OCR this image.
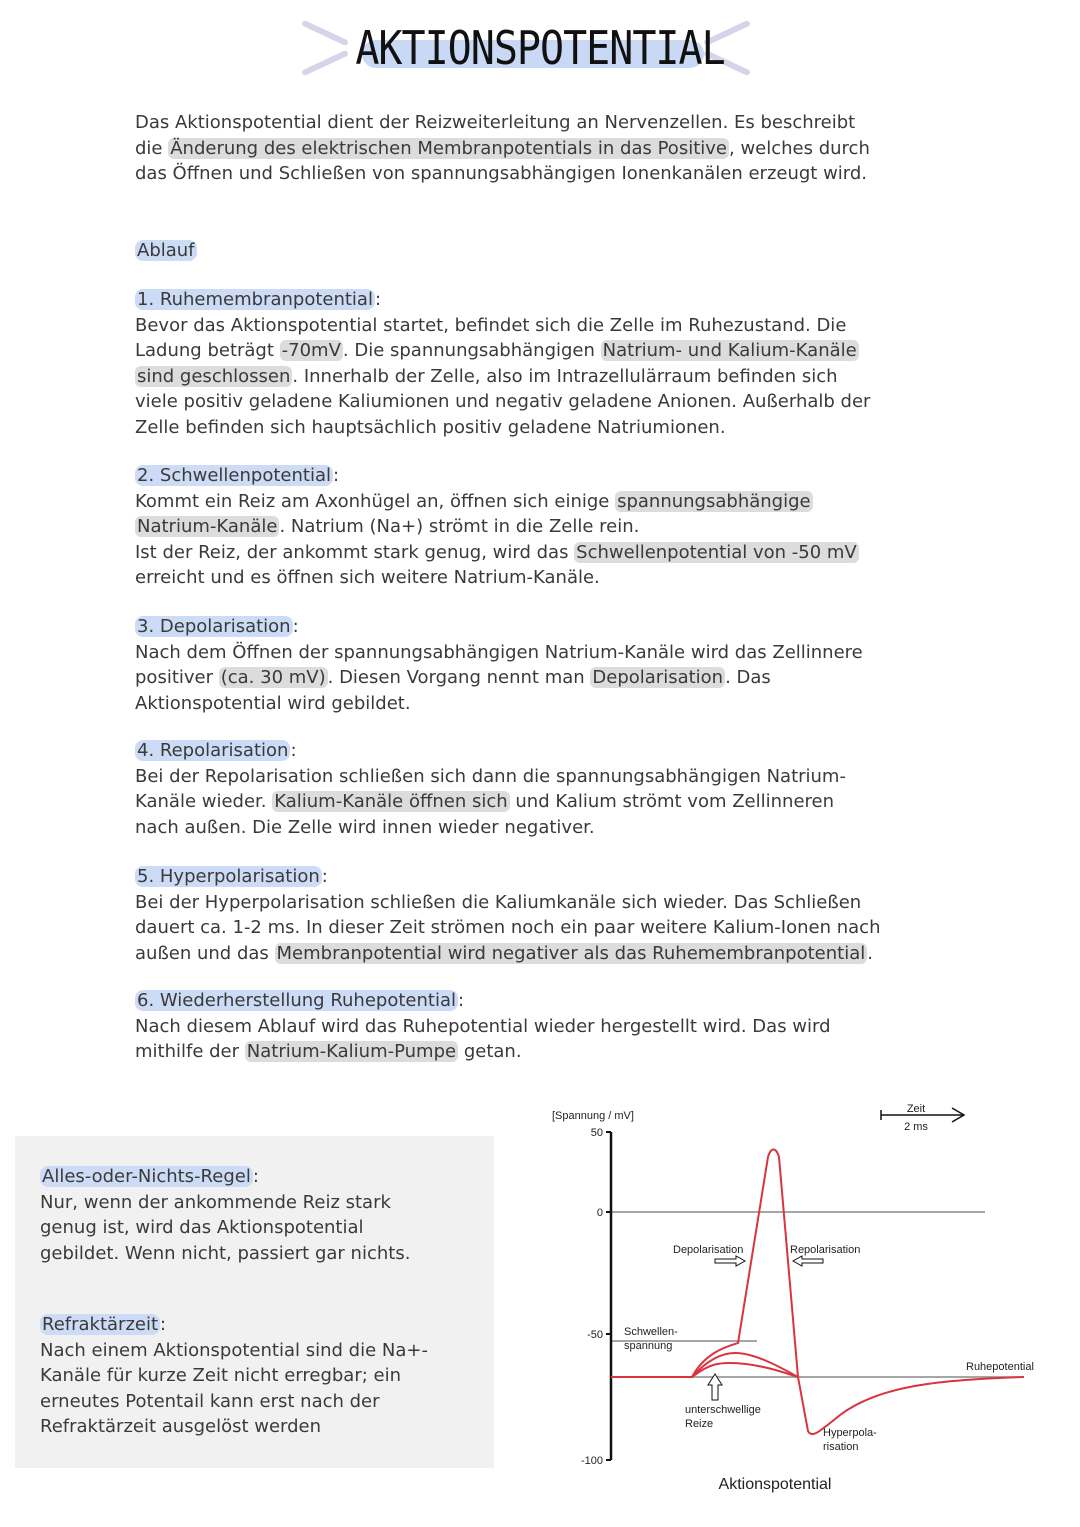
AKTIONSPOTENTIAL
Das Aktionspotential dient der Reizweiterleitung an Nervenzellen. Es beschreibt
die Änderung des elektrischen Membranpotentials in das Positive , welches durch
das Öffnen und Schließen von spannungsabhängigen Ionenkanälen erzeugt wird.
Ablauf
1. Ruhemembranpotential :
Bevor das Aktionspotential startet, befindet sich die Zelle im Ruhezustand. Die
Ladung beträgt -70mV . Die spannungsabhängigen Natrium- und Kalium-Kanäle
sind geschlossen . Innerhalb der Zelle, also im Intrazellulärraum befinden sich
viele positiv geladene Kaliumionen und negativ geladene Anionen. Außerhalb der
Zelle befinden sich hauptsächlich positiv geladene Natriumionen.
2. Schwellenpotential :
Kommt ein Reiz am Axonhügel an, öffnen sich einige spannungsabhängige
Natrium-Kanäle . Natrium (Na+) strömt in die Zelle rein.
Ist der Reiz, der ankommt stark genug, wird das Schwellenpotential von -50 mV
erreicht und es öffnen sich weitere Natrium-Kanäle.
3. Depolarisation :
Nach dem Öffnen der spannungsabhängigen Natrium-Kanäle wird das Zellinnere
positiver (ca. 30 mV) . Diesen Vorgang nennt man Depolarisation . Das
Aktionspotential wird gebildet.
4. Repolarisation :
Bei der Repolarisation schließen sich dann die spannungsabhängigen Natrium-
Kanäle wieder. Kalium-Kanäle öffnen sich und Kalium strömt vom Zellinneren
nach außen. Die Zelle wird innen wieder negativer.
5. Hyperpolarisation :
Bei der Hyperpolarisation schließen die Kaliumkanäle sich wieder. Das Schließen
dauert ca. 1-2 ms. In dieser Zeit strömen noch ein paar weitere Kalium-Ionen nach
außen und das Membranpotential wird negativer als das Ruhemembranpotential .
6. Wiederherstellung Ruhepotential :
Nach diesem Ablauf wird das Ruhepotential wieder hergestellt wird. Das wird
mithilfe der Natrium-Kalium-Pumpe getan.
Alles-oder-Nichts-Regel :
Nur, wenn der ankommende Reiz stark
genug ist, wird das Aktionspotential
gebildet. Wenn nicht, passiert gar nichts.
Refraktärzeit :
Nach einem Aktionspotential sind die Na+-
Kanäle für kurze Zeit nicht erregbar; ein
erneutes Potentail kann erst nach der
Refraktärzeit ausgelöst werden
50
0
-50
-100
[Spannung / mV]
Aktionspotential
Zeit
2 ms
Depolarisation	Repolarisation
Ruhepotential
Schwellen-
spannung
unterschwellige
Reize
Hyperpola-
risation
